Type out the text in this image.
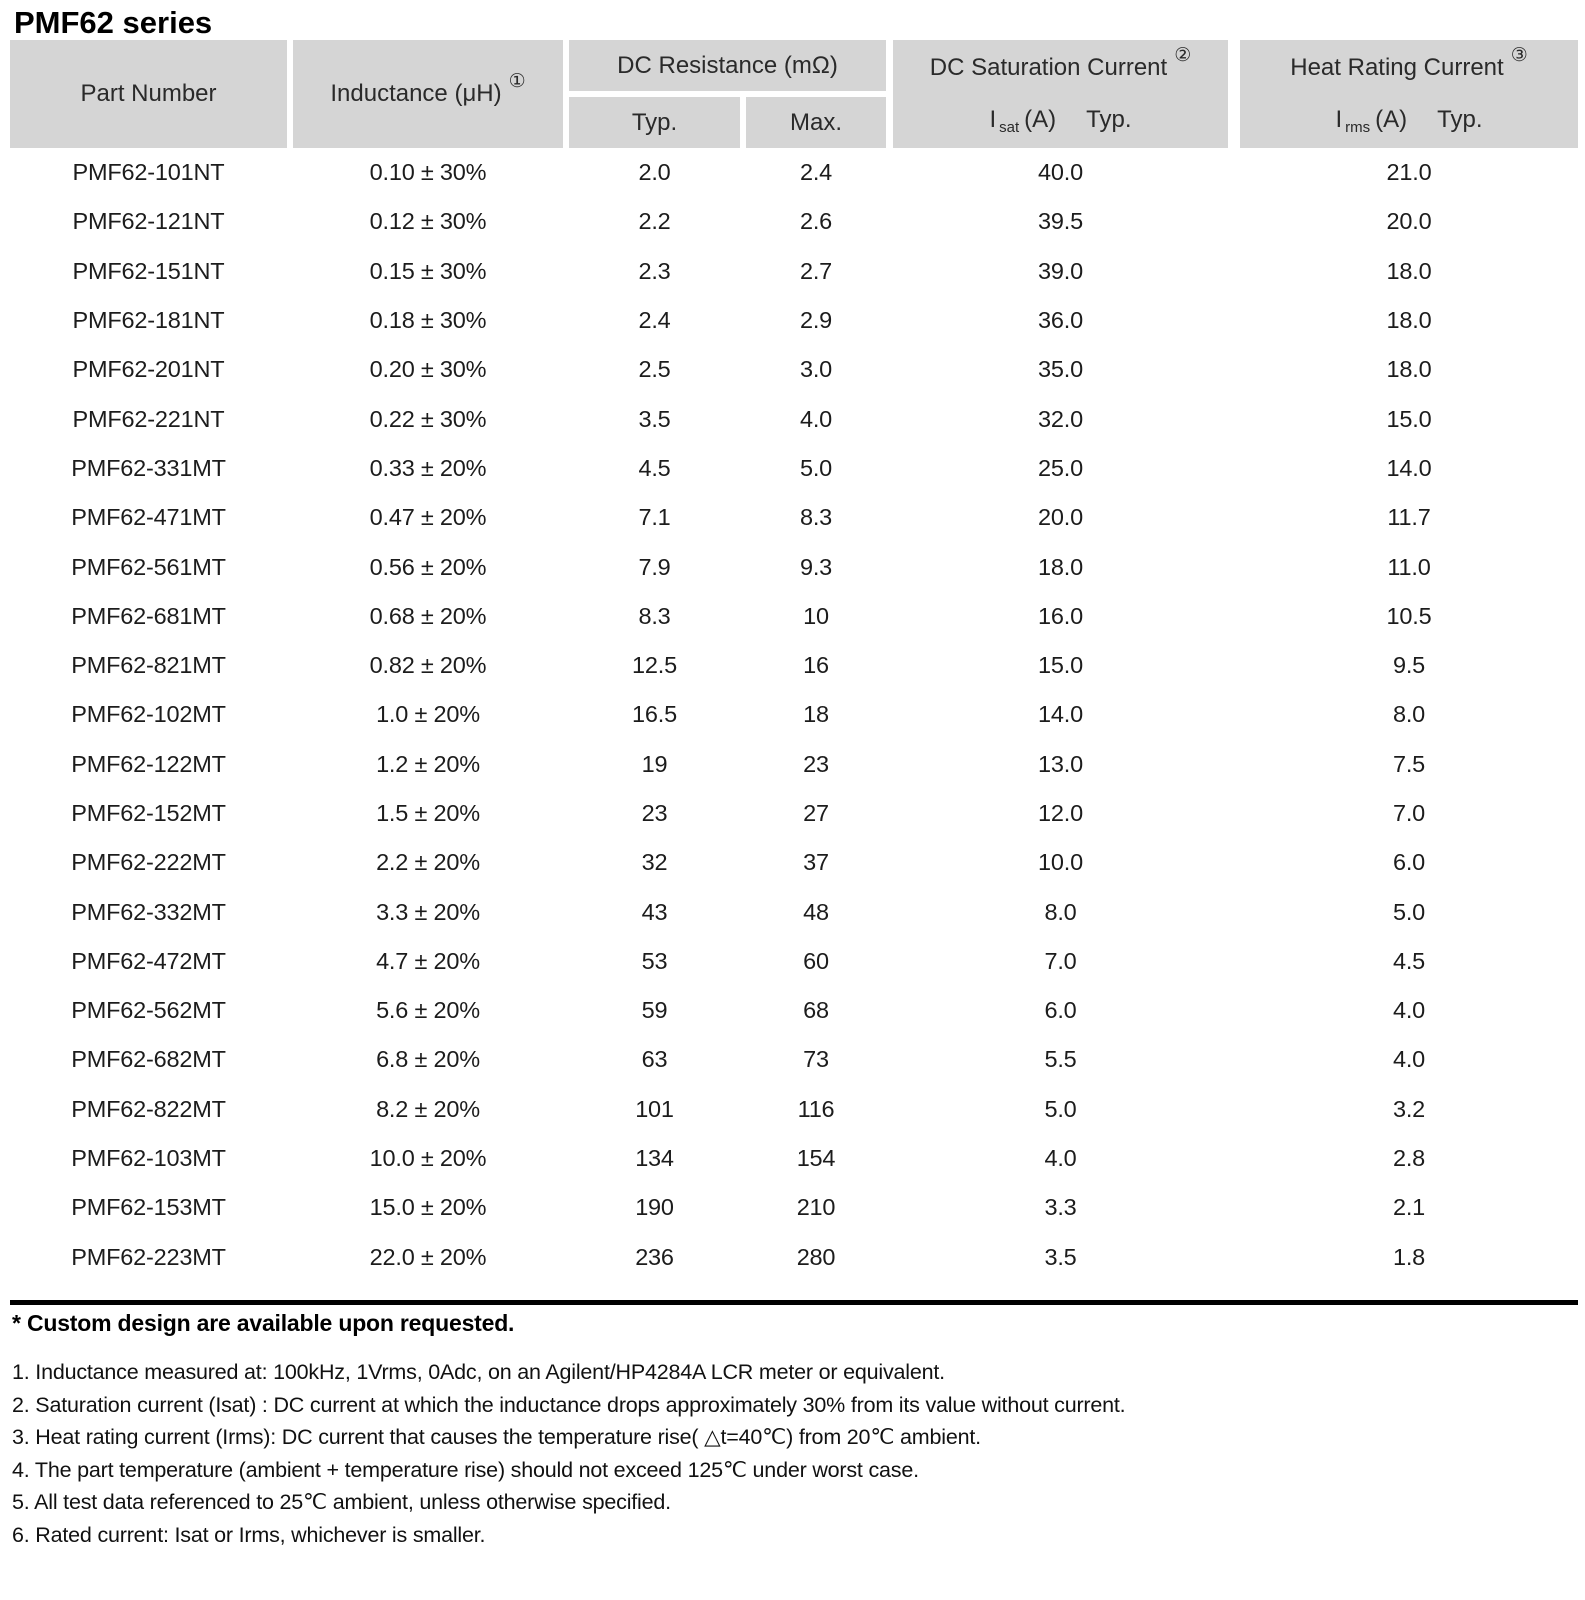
PMF62 series
Part Number	Inductance (μH) ①
DC Resistance (mΩ)
Typ.	Max.
DC Saturation Current ②
I sat (A) Typ.
Heat Rating Current ③
I rms (A) Typ.
PMF62-101NT	0.10 ± 30%	2.0	2.4	40.0	21.0
PMF62-121NT	0.12 ± 30%	2.2	2.6	39.5	20.0
PMF62-151NT	0.15 ± 30%	2.3	2.7	39.0	18.0
PMF62-181NT	0.18 ± 30%	2.4	2.9	36.0	18.0
PMF62-201NT	0.20 ± 30%	2.5	3.0	35.0	18.0
PMF62-221NT	0.22 ± 30%	3.5	4.0	32.0	15.0
PMF62-331MT	0.33 ± 20%	4.5	5.0	25.0	14.0
PMF62-471MT	0.47 ± 20%	7.1	8.3	20.0	11.7
PMF62-561MT	0.56 ± 20%	7.9	9.3	18.0	11.0
PMF62-681MT	0.68 ± 20%	8.3	10	16.0	10.5
PMF62-821MT	0.82 ± 20%	12.5	16	15.0	9.5
PMF62-102MT	1.0 ± 20%	16.5	18	14.0	8.0
PMF62-122MT	1.2 ± 20%	19	23	13.0	7.5
PMF62-152MT	1.5 ± 20%	23	27	12.0	7.0
PMF62-222MT	2.2 ± 20%	32	37	10.0	6.0
PMF62-332MT	3.3 ± 20%	43	48	8.0	5.0
PMF62-472MT	4.7 ± 20%	53	60	7.0	4.5
PMF62-562MT	5.6 ± 20%	59	68	6.0	4.0
PMF62-682MT	6.8 ± 20%	63	73	5.5	4.0
PMF62-822MT	8.2 ± 20%	101	116	5.0	3.2
PMF62-103MT	10.0 ± 20%	134	154	4.0	2.8
PMF62-153MT	15.0 ± 20%	190	210	3.3	2.1
PMF62-223MT	22.0 ± 20%	236	280	3.5	1.8
* Custom design are available upon requested.
1. Inductance measured at: 100kHz, 1Vrms, 0Adc, on an Agilent/HP4284A LCR meter or equivalent.
2. Saturation current (Isat) : DC current at which the inductance drops approximately 30% from its value without current.
3. Heat rating current (Irms): DC current that causes the temperature rise( △t=40℃) from 20℃ ambient.
4. The part temperature (ambient + temperature rise) should not exceed 125℃ under worst case.
5. All test data referenced to 25℃ ambient, unless otherwise specified.
6. Rated current: Isat or Irms, whichever is smaller.
